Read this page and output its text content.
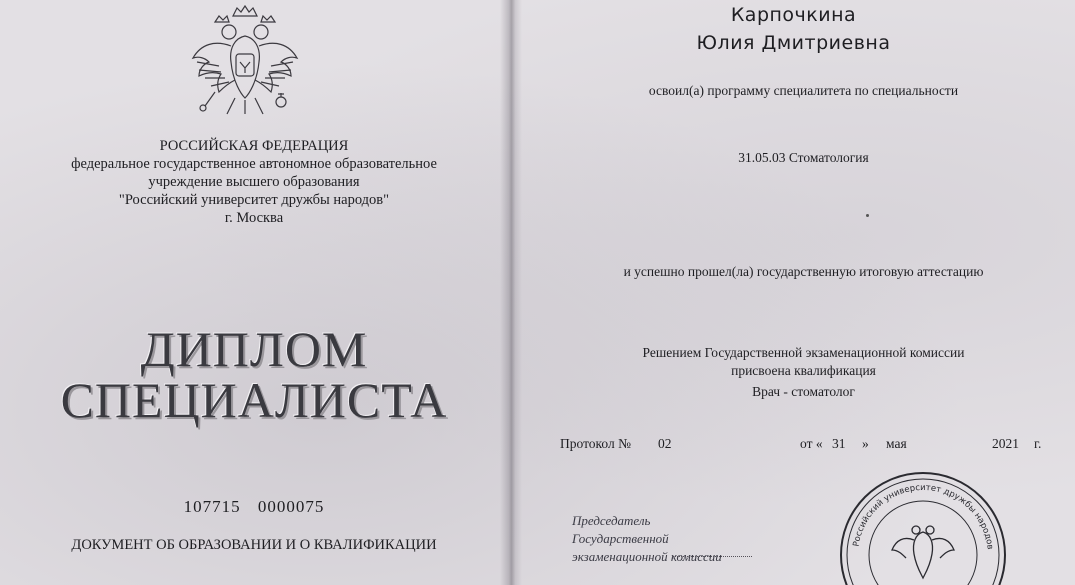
РОССИЙСКАЯ ФЕДЕРАЦИЯ
федеральное государственное автономное образовательное
учреждение высшего образования
"Российский университет дружбы народов"
г. Москва
ДИПЛОМ
СПЕЦИАЛИСТА
107715 0000075
ДОКУМЕНТ ОБ ОБРАЗОВАНИИ И О КВАЛИФИКАЦИИ
Карпочкина
Юлия Дмитриевна
освоил(а) программу специалитета по специальности
31.05.03 Стоматология
и успешно прошел(ла) государственную итоговую аттестацию
Решением Государственной экзаменационной комиссии
присвоена квалификация
Врач - стоматолог
Протокол № 02	от « 31 » мая	2021 г.
Председатель
Государственной
экзаменационной комиссии
Российский университет дружбы народов
